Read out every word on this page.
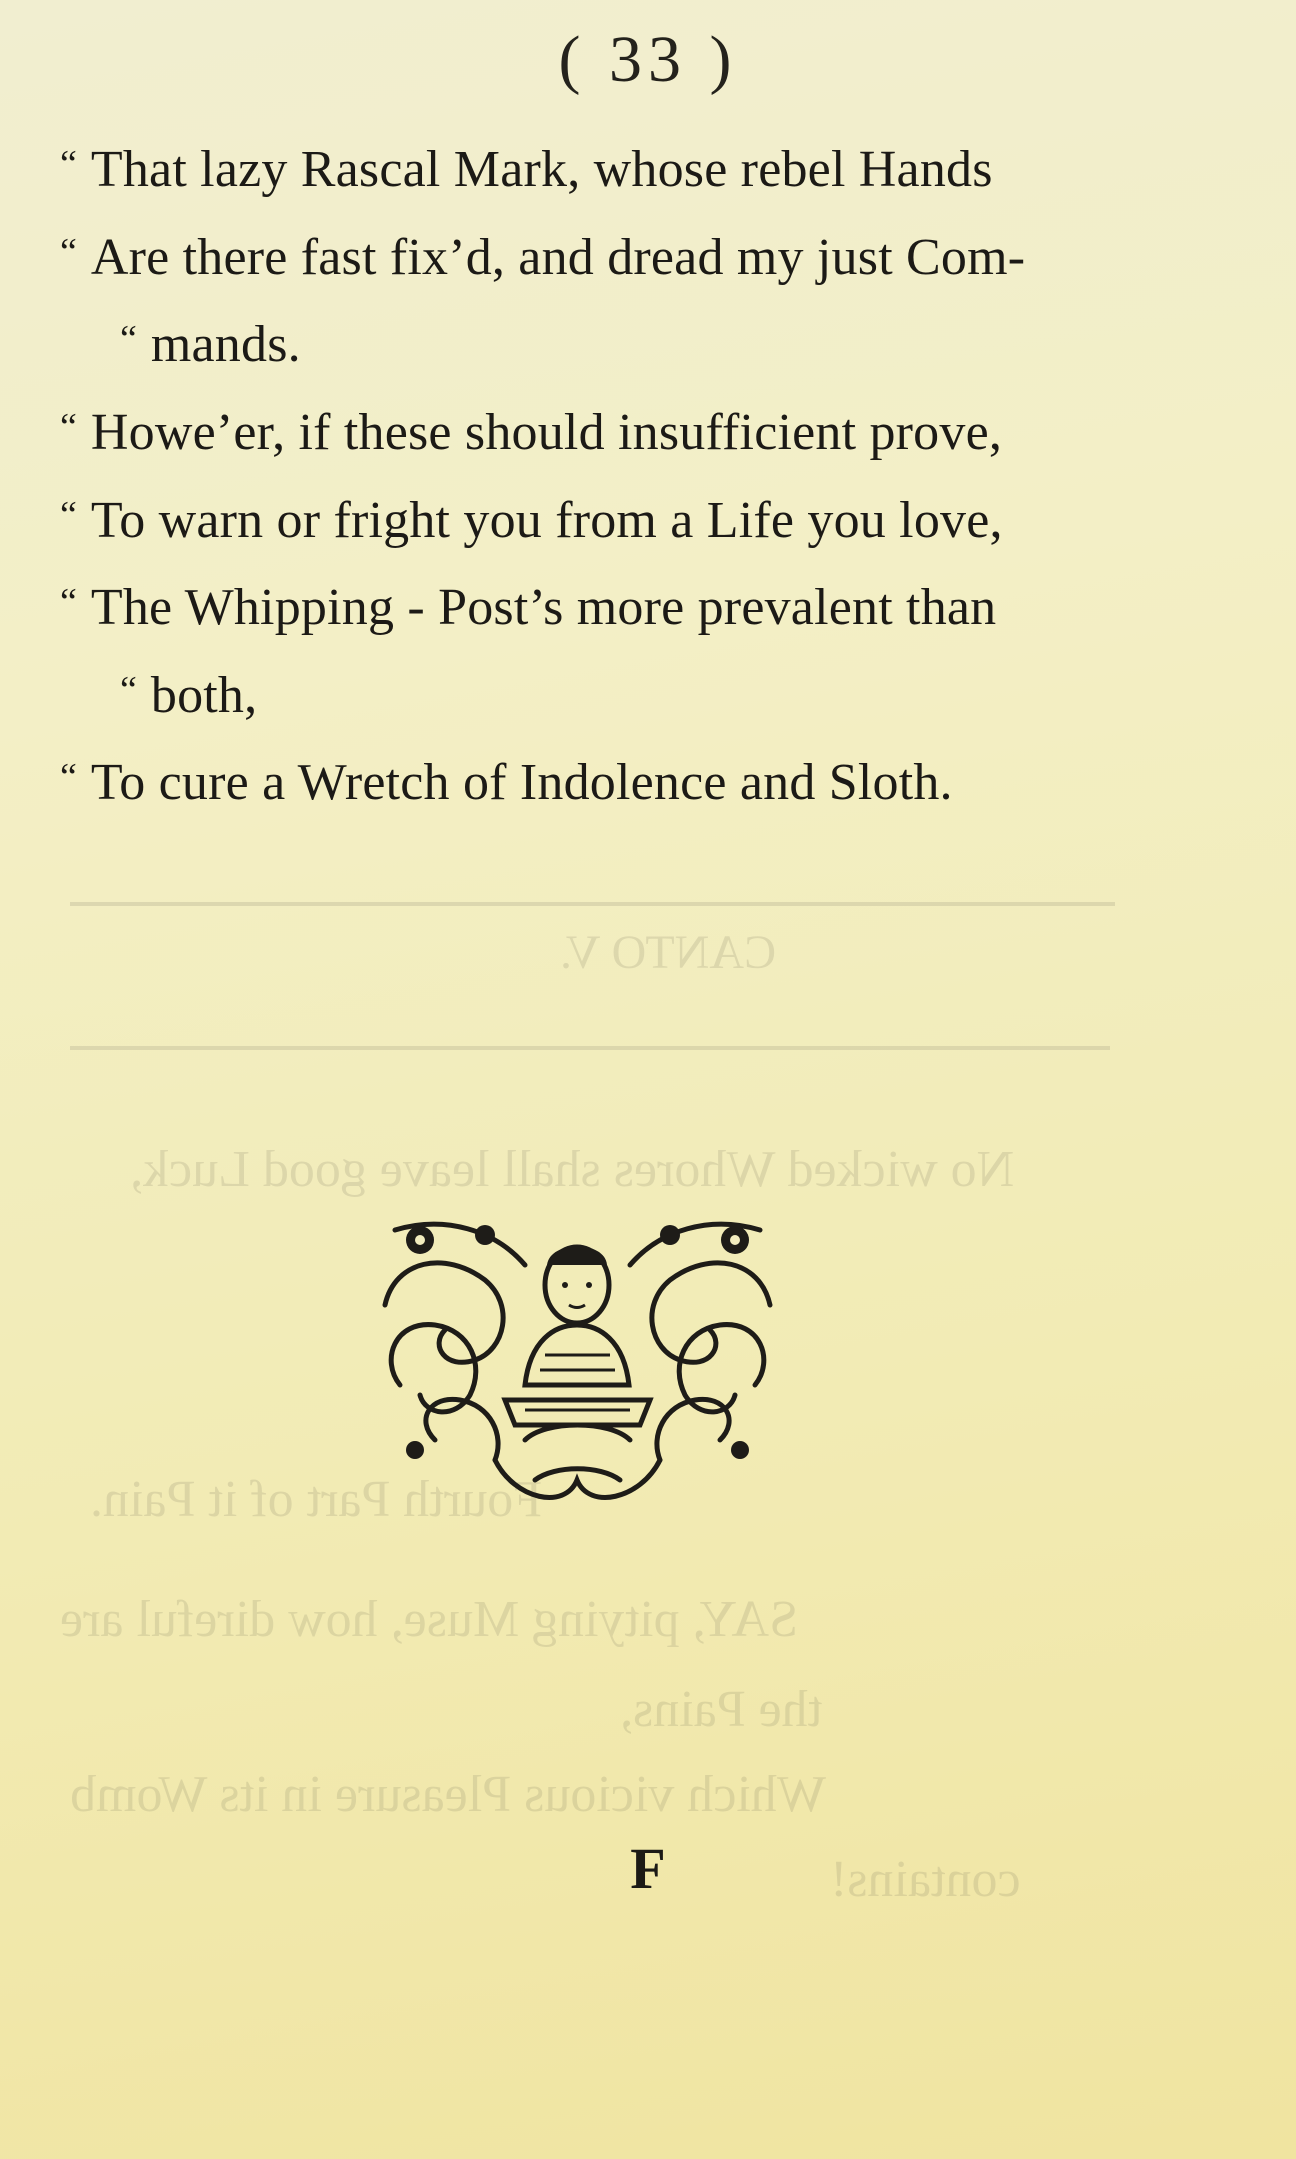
No wicked Whores shall leave good Luck,
CANTO V.
Fourth Part of it Pain.
SAY, pitying Muse, how direful are
the Pains,
Which vicious Pleasure in its Womb
contains!
( 33 )
“ That lazy Rascal Mark, whose rebel Hands
“ Are there fast fix’d, and dread my just Com-
“ mands.
“ Howe’er, if these should insufficient prove,
“ To warn or fright you from a Life you love,
“ The Whipping - Post’s more prevalent than
“ both,
“ To cure a Wretch of Indolence and Sloth.
F
